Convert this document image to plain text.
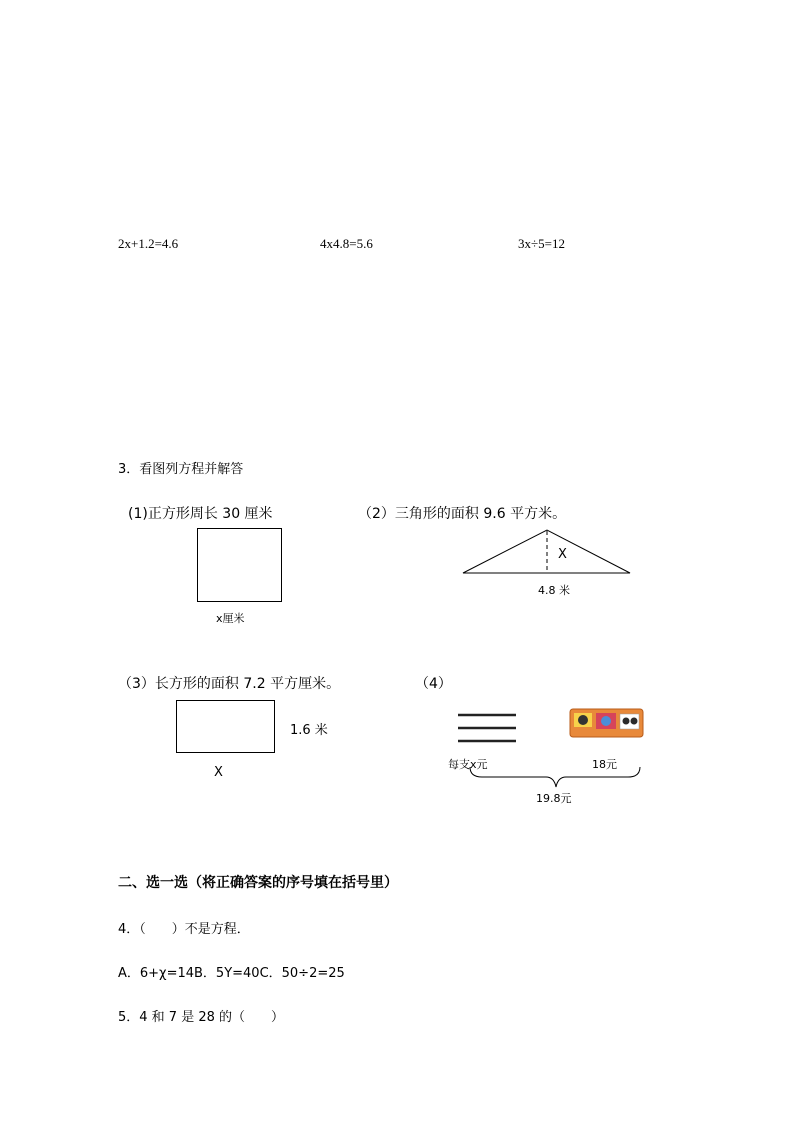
2x+1.2=4.6	4x4.8=5.6	3x÷5=12
3．看图列方程并解答
(1)正方形周长 30 厘米
x厘米
（2）三角形的面积 9.6 平方米。
X
4.8 米
（3）长方形的面积 7.2 平方厘米。
1.6 米
X
（4）
每支x元	18元
19.8元
二、选一选（将正确答案的序号填在括号里）
4．（　　）不是方程．
A．6+χ=14B．5Y=40C．50÷2=25
5．4 和 7 是 28 的（　　）
